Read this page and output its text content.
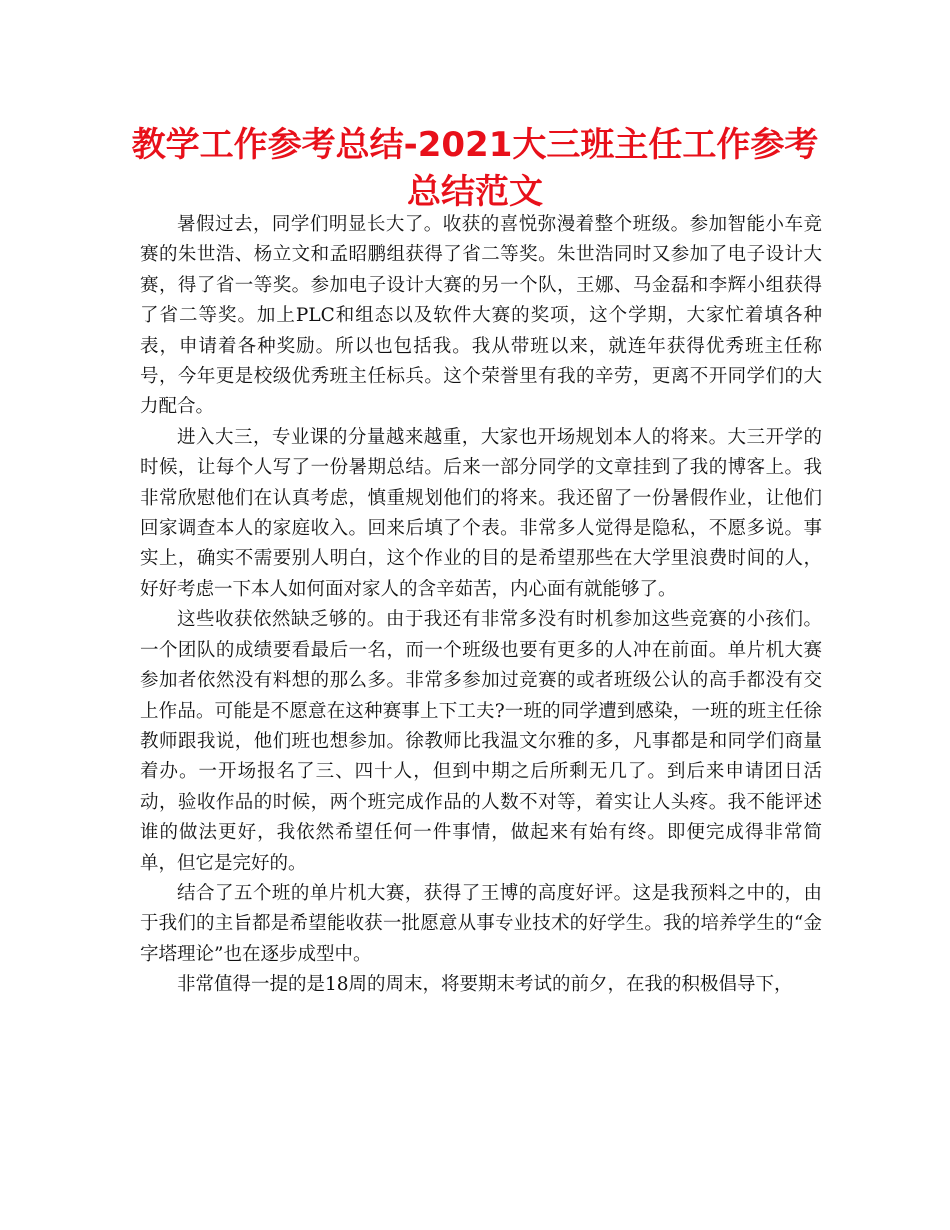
教学工作参考总结-2021大三班主任工作参考总结范文

暑假过去，同学们明显长大了。收获的喜悦弥漫着整个班级。参加智能小车竞赛的朱世浩、杨立文和孟昭鹏组获得了省二等奖。朱世浩同时又参加了电子设计大赛，得了省一等奖。参加电子设计大赛的另一个队，王娜、马金磊和李辉小组获得了省二等奖。加上PLC和组态以及软件大赛的奖项，这个学期，大家忙着填各种表，申请着各种奖励。所以也包括我。我从带班以来，就连年获得优秀班主任称号，今年更是校级优秀班主任标兵。这个荣誉里有我的辛劳，更离不开同学们的大力配合。

进入大三，专业课的分量越来越重，大家也开场规划本人的将来。大三开学的时候，让每个人写了一份暑期总结。后来一部分同学的文章挂到了我的博客上。我非常欣慰他们在认真考虑，慎重规划他们的将来。我还留了一份暑假作业，让他们回家调查本人的家庭收入。回来后填了个表。非常多人觉得是隐私，不愿多说。事实上，确实不需要别人明白，这个作业的目的是希望那些在大学里浪费时间的人，好好考虑一下本人如何面对家人的含辛茹苦，内心面有就能够了。

这些收获依然缺乏够的。由于我还有非常多没有时机参加这些竞赛的小孩们。一个团队的成绩要看最后一名，而一个班级也要有更多的人冲在前面。单片机大赛参加者依然没有料想的那么多。非常多参加过竞赛的或者班级公认的高手都没有交上作品。可能是不愿意在这种赛事上下工夫?一班的同学遭到感染，一班的班主任徐教师跟我说，他们班也想参加。徐教师比我温文尔雅的多，凡事都是和同学们商量着办。一开场报名了三、四十人，但到中期之后所剩无几了。到后来申请团日活动，验收作品的时候，两个班完成作品的人数不对等，着实让人头疼。我不能评述谁的做法更好，我依然希望任何一件事情，做起来有始有终。即便完成得非常简单，但它是完好的。

结合了五个班的单片机大赛，获得了王博的高度好评。这是我预料之中的，由于我们的主旨都是希望能收获一批愿意从事专业技术的好学生。我的培养学生的“金字塔理论”也在逐步成型中。

非常值得一提的是18周的周末，将要期末考试的前夕，在我的积极倡导下，
